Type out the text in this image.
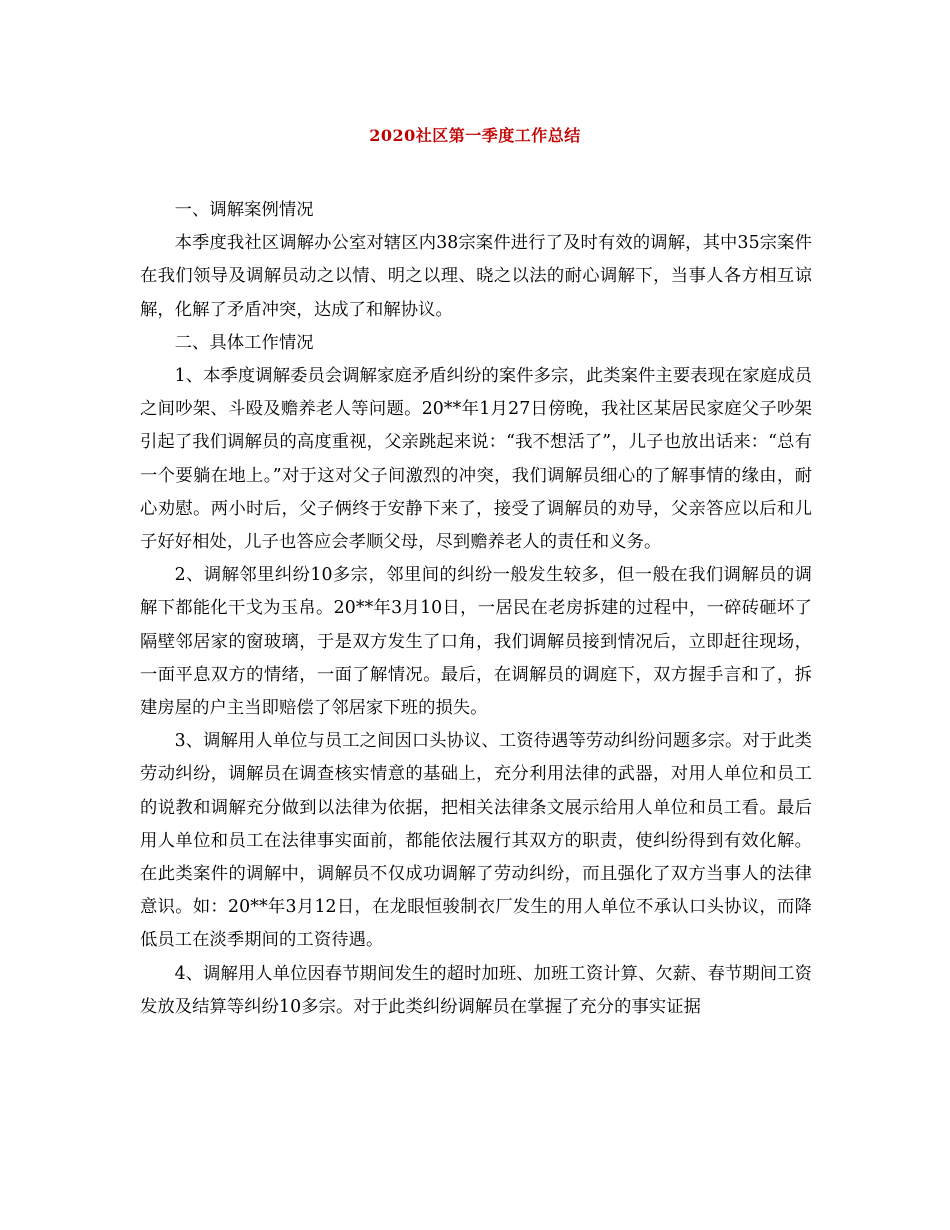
2020社区第一季度工作总结

一、调解案例情况

本季度我社区调解办公室对辖区内38宗案件进行了及时有效的调解，其中35宗案件在我们领导及调解员动之以情、明之以理、晓之以法的耐心调解下，当事人各方相互谅解，化解了矛盾冲突，达成了和解协议。

二、具体工作情况

1、本季度调解委员会调解家庭矛盾纠纷的案件多宗，此类案件主要表现在家庭成员之间吵架、斗殴及赡养老人等问题。20**年1月27日傍晚，我社区某居民家庭父子吵架引起了我们调解员的高度重视，父亲跳起来说：“我不想活了”，儿子也放出话来：“总有一个要躺在地上。”对于这对父子间激烈的冲突，我们调解员细心的了解事情的缘由，耐心劝慰。两小时后，父子俩终于安静下来了，接受了调解员的劝导，父亲答应以后和儿子好好相处，儿子也答应会孝顺父母，尽到赡养老人的责任和义务。

2、调解邻里纠纷10多宗，邻里间的纠纷一般发生较多，但一般在我们调解员的调解下都能化干戈为玉帛。20**年3月10日，一居民在老房拆建的过程中，一碎砖砸坏了隔壁邻居家的窗玻璃，于是双方发生了口角，我们调解员接到情况后，立即赶往现场，一面平息双方的情绪，一面了解情况。最后，在调解员的调庭下，双方握手言和了，拆建房屋的户主当即赔偿了邻居家下班的损失。

3、调解用人单位与员工之间因口头协议、工资待遇等劳动纠纷问题多宗。对于此类劳动纠纷，调解员在调查核实情意的基础上，充分利用法律的武器，对用人单位和员工的说教和调解充分做到以法律为依据，把相关法律条文展示给用人单位和员工看。最后用人单位和员工在法律事实面前，都能依法履行其双方的职责，使纠纷得到有效化解。在此类案件的调解中，调解员不仅成功调解了劳动纠纷，而且强化了双方当事人的法律意识。如：20**年3月12日，在龙眼恒骏制衣厂发生的用人单位不承认口头协议，而降低员工在淡季期间的工资待遇。

4、调解用人单位因春节期间发生的超时加班、加班工资计算、欠薪、春节期间工资发放及结算等纠纷10多宗。对于此类纠纷调解员在掌握了充分的事实证据
